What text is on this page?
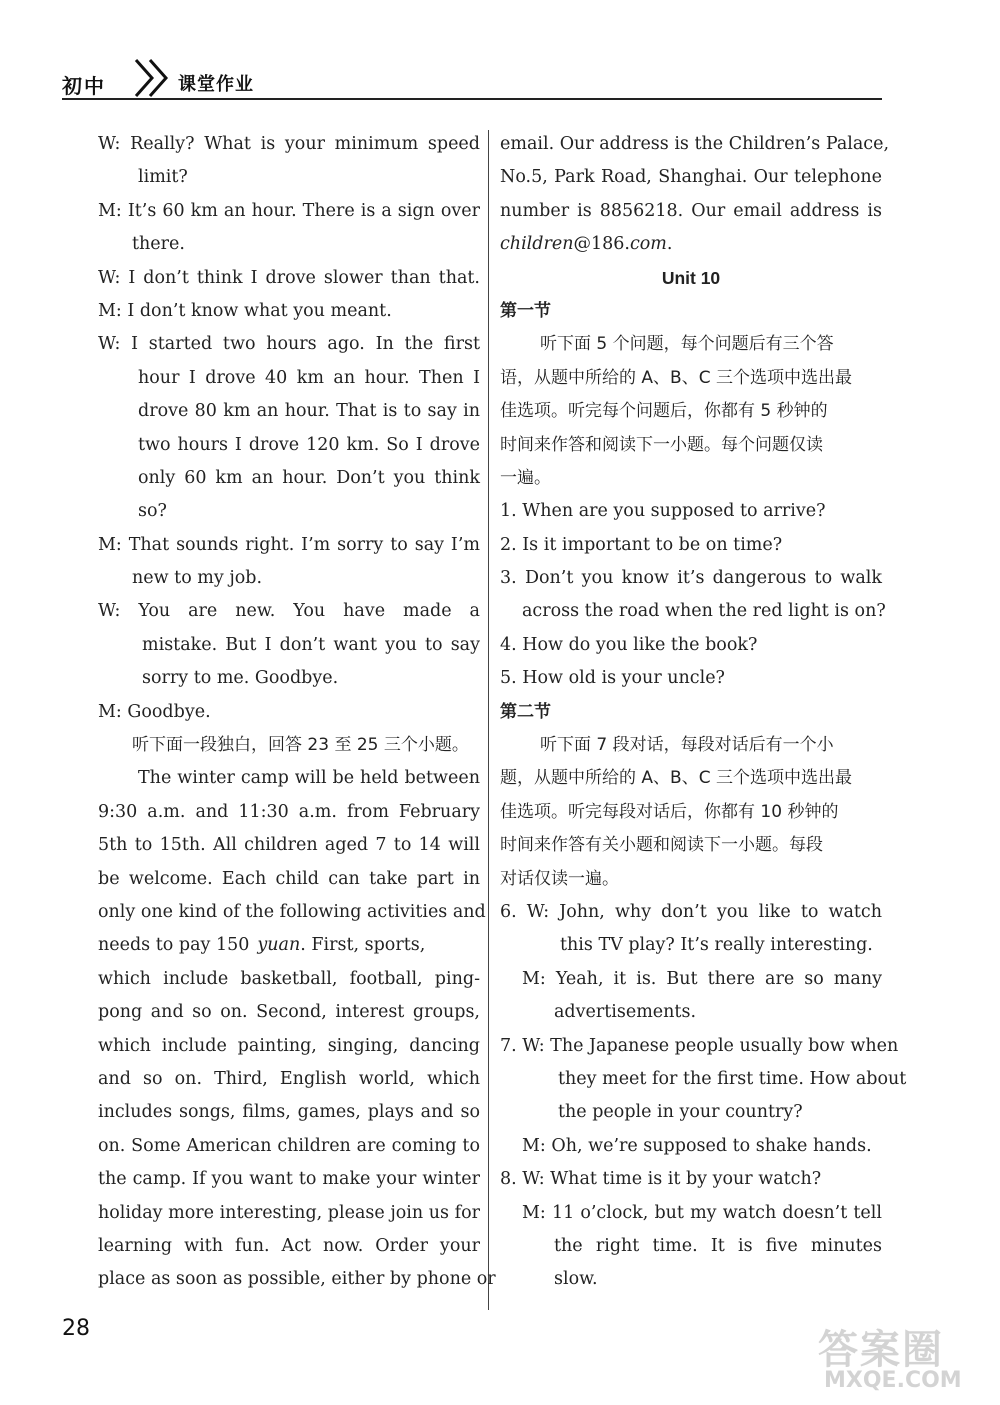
初中	课堂作业
W: Really? What is your minimum speed
limit?
M: It’s 60 km an hour. There is a sign over
there.
W: I don’t think I drove slower than that.
M: I don’t know what you meant.
W: I started two hours ago. In the first
hour I drove 40 km an hour. Then I
drove 80 km an hour. That is to say in
two hours I drove 120 km. So I drove
only 60 km an hour. Don’t you think
so?
M: That sounds right. I’m sorry to say I’m
new to my job.
W: You are new. You have made a
mistake. But I don’t want you to say
sorry to me. Goodbye.
M: Goodbye.
听下面一段独白，回答 23 至 25 三个小题。
The winter camp will be held between
9:30 a.m. and 11:30 a.m. from February
5th to 15th. All children aged 7 to 14 will
be welcome. Each child can take part in
only one kind of the following activities and
needs to pay 150 yuan. First, sports,
which include basketball, football, ping-
pong and so on. Second, interest groups,
which include painting, singing, dancing
and so on. Third, English world, which
includes songs, films, games, plays and so
on. Some American children are coming to
the camp. If you want to make your winter
holiday more interesting, please join us for
learning with fun. Act now. Order your
place as soon as possible, either by phone or
email. Our address is the Children’s Palace,
No.5, Park Road, Shanghai. Our telephone
number is 8856218. Our email address is
children@186.com.
Unit 10
第一节
听下面 5 个问题，每个问题后有三个答
语，从题中所给的 A、B、C 三个选项中选出最
佳选项。听完每个问题后，你都有 5 秒钟的
时间来作答和阅读下一小题。每个问题仅读
一遍。
1. When are you supposed to arrive?
2. Is it important to be on time?
3. Don’t you know it’s dangerous to walk
across the road when the red light is on?
4. How do you like the book?
5. How old is your uncle?
第二节
听下面 7 段对话，每段对话后有一个小
题，从题中所给的 A、B、C 三个选项中选出最
佳选项。听完每段对话后，你都有 10 秒钟的
时间来作答有关小题和阅读下一小题。每段
对话仅读一遍。
6. W: John, why don’t you like to watch
this TV play? It’s really interesting.
M: Yeah, it is. But there are so many
advertisements.
7. W: The Japanese people usually bow when
they meet for the first time. How about
the people in your country?
M: Oh, we’re supposed to shake hands.
8. W: What time is it by your watch?
M: 11 o’clock, but my watch doesn’t tell
the right time. It is five minutes
slow.
28	答案圈
MXQE.COM
